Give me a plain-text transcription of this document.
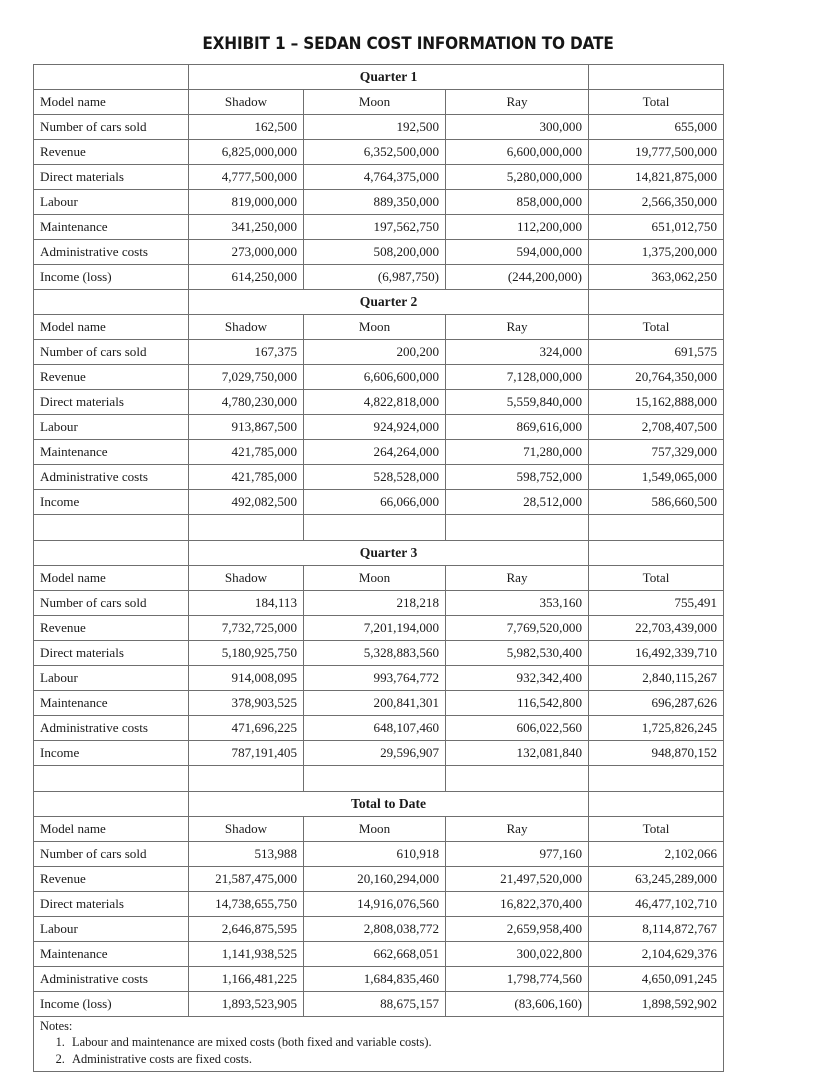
EXHIBIT 1 – SEDAN COST INFORMATION TO DATE
	Quarter 1			
Model name	Shadow	Moon	Ray	Total
Number of cars sold	162,500	192,500	300,000	655,000
Revenue	6,825,000,000	6,352,500,000	6,600,000,000	19,777,500,000
Direct materials	4,777,500,000	4,764,375,000	5,280,000,000	14,821,875,000
Labour	819,000,000	889,350,000	858,000,000	2,566,350,000
Maintenance	341,250,000	197,562,750	112,200,000	651,012,750
Administrative costs	273,000,000	508,200,000	594,000,000	1,375,200,000
Income (loss)	614,250,000	(6,987,750)	(244,200,000)	363,062,250
	Quarter 2			
Model name	Shadow	Moon	Ray	Total
Number of cars sold	167,375	200,200	324,000	691,575
Revenue	7,029,750,000	6,606,600,000	7,128,000,000	20,764,350,000
Direct materials	4,780,230,000	4,822,818,000	5,559,840,000	15,162,888,000
Labour	913,867,500	924,924,000	869,616,000	2,708,407,500
Maintenance	421,785,000	264,264,000	71,280,000	757,329,000
Administrative costs	421,785,000	528,528,000	598,752,000	1,549,065,000
Income	492,082,500	66,066,000	28,512,000	586,660,500

	Quarter 3			
Model name	Shadow	Moon	Ray	Total
Number of cars sold	184,113	218,218	353,160	755,491
Revenue	7,732,725,000	7,201,194,000	7,769,520,000	22,703,439,000
Direct materials	5,180,925,750	5,328,883,560	5,982,530,400	16,492,339,710
Labour	914,008,095	993,764,772	932,342,400	2,840,115,267
Maintenance	378,903,525	200,841,301	116,542,800	696,287,626
Administrative costs	471,696,225	648,107,460	606,022,560	1,725,826,245
Income	787,191,405	29,596,907	132,081,840	948,870,152

	Total to Date			
Model name	Shadow	Moon	Ray	Total
Number of cars sold	513,988	610,918	977,160	2,102,066
Revenue	21,587,475,000	20,160,294,000	21,497,520,000	63,245,289,000
Direct materials	14,738,655,750	14,916,076,560	16,822,370,400	46,477,102,710
Labour	2,646,875,595	2,808,038,772	2,659,958,400	8,114,872,767
Maintenance	1,141,938,525	662,668,051	300,022,800	2,104,629,376
Administrative costs	1,166,481,225	1,684,835,460	1,798,774,560	4,650,091,245
Income (loss)	1,893,523,905	88,675,157	(83,606,160)	1,898,592,902

Notes:
1. Labour and maintenance are mixed costs (both fixed and variable costs).
2. Administrative costs are fixed costs.
